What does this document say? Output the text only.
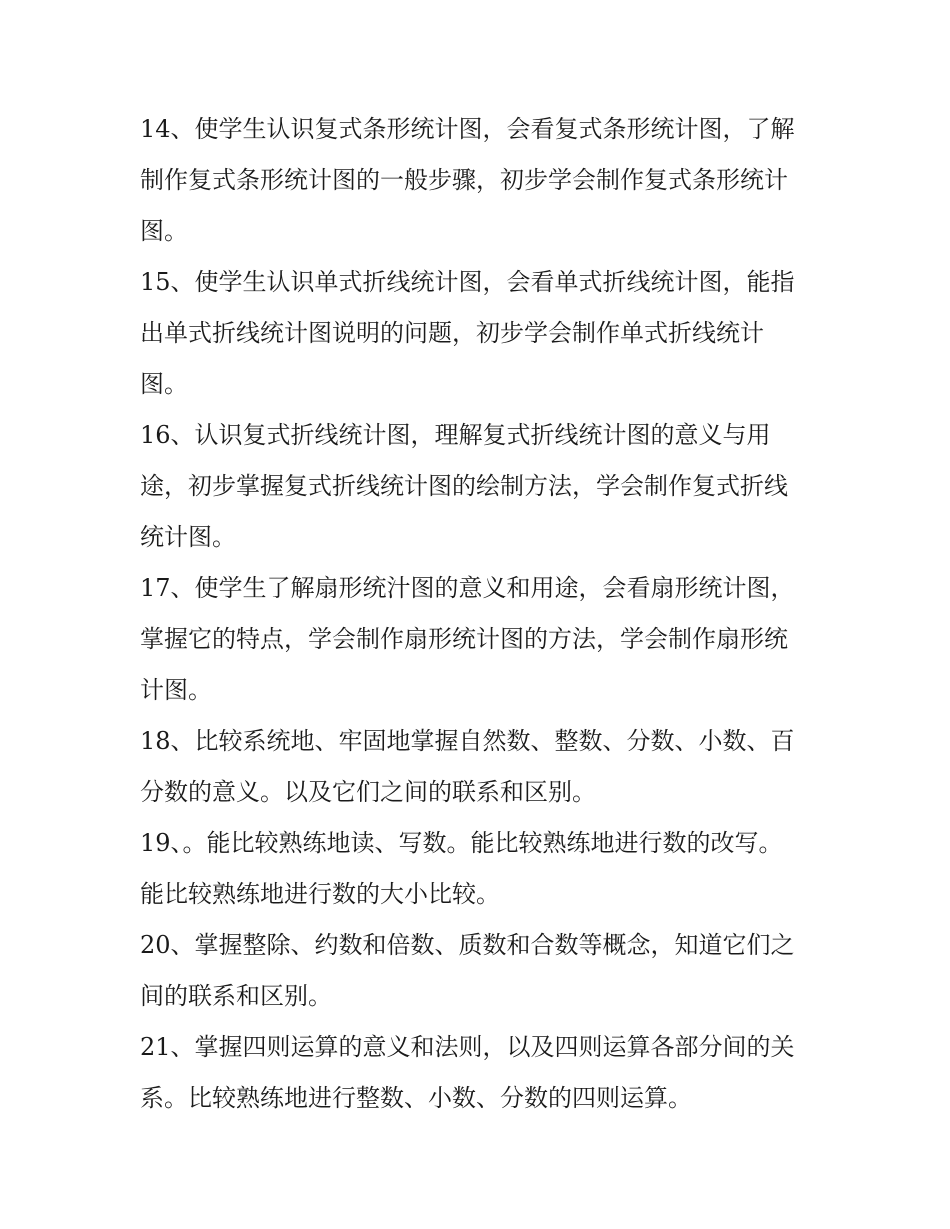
14、使学生认识复式条形统计图，会看复式条形统计图，了解
制作复式条形统计图的一般步骤，初步学会制作复式条形统计
图。
15、使学生认识单式折线统计图，会看单式折线统计图，能指
出单式折线统计图说明的问题，初步学会制作单式折线统计
图。
16、认识复式折线统计图，理解复式折线统计图的意义与用
途，初步掌握复式折线统计图的绘制方法，学会制作复式折线
统计图。
17、使学生了解扇形统汁图的意义和用途，会看扇形统计图，
掌握它的特点，学会制作扇形统计图的方法，学会制作扇形统
计图。
18、比较系统地、牢固地掌握自然数、整数、分数、小数、百
分数的意义。以及它们之间的联系和区别。
19、。能比较熟练地读、写数。能比较熟练地进行数的改写。
能比较熟练地进行数的大小比较。
20、掌握整除、约数和倍数、质数和合数等概念，知道它们之
间的联系和区别。
21、掌握四则运算的意义和法则，以及四则运算各部分间的关
系。比较熟练地进行整数、小数、分数的四则运算。
